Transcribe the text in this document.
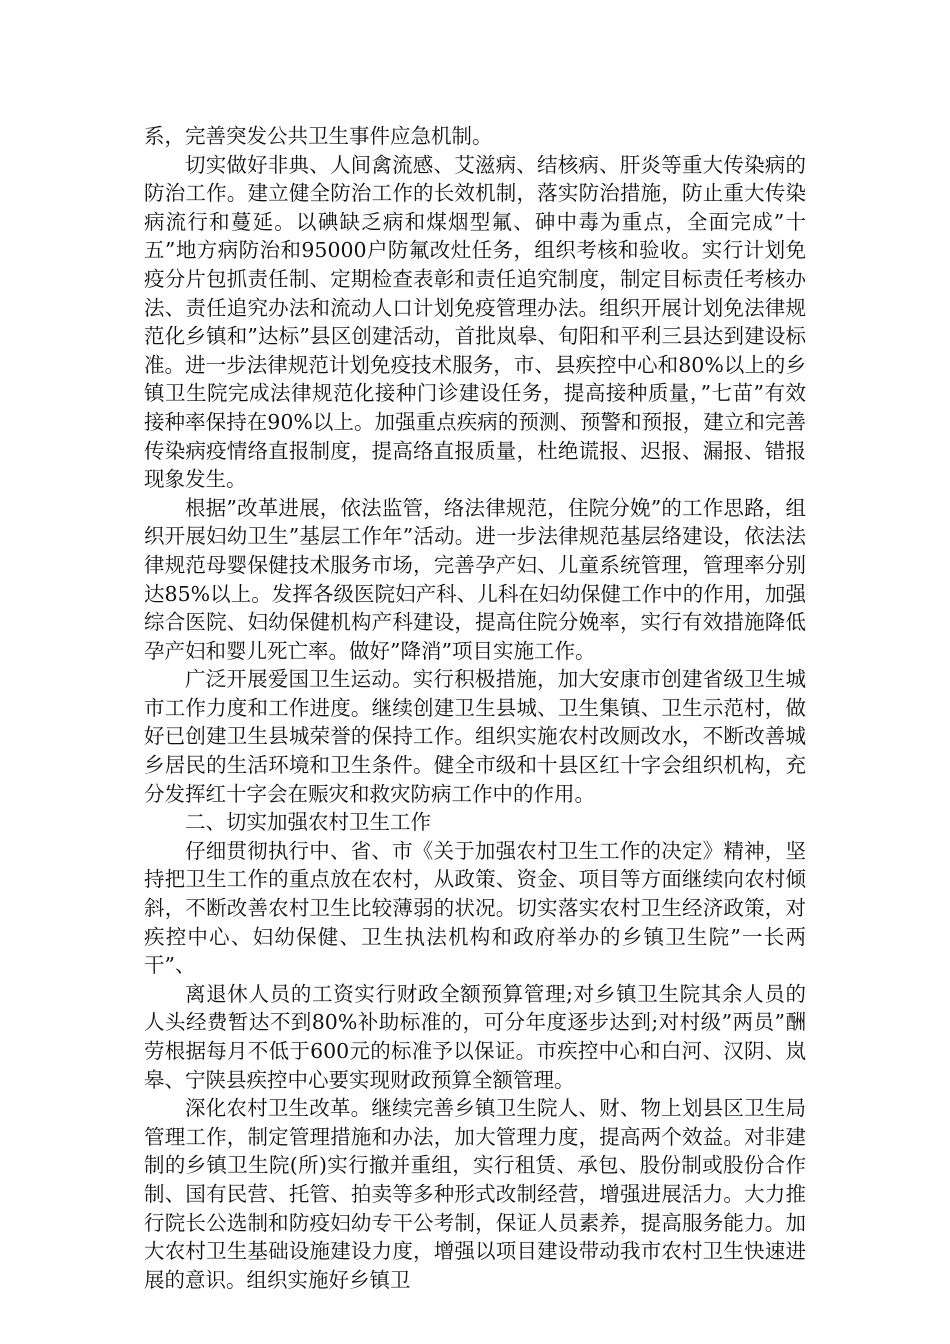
系，完善突发公共卫生事件应急机制。

切实做好非典、人间禽流感、艾滋病、结核病、肝炎等重大传染病的防治工作。建立健全防治工作的长效机制，落实防治措施，防止重大传染病流行和蔓延。以碘缺乏病和煤烟型氟、砷中毒为重点，全面完成”十五”地方病防治和95000户防氟改灶任务，组织考核和验收。实行计划免疫分片包抓责任制、定期检查表彰和责任追究制度，制定目标责任考核办法、责任追究办法和流动人口计划免疫管理办法。组织开展计划免法律规范化乡镇和”达标”县区创建活动，首批岚皋、旬阳和平利三县达到建设标准。进一步法律规范计划免疫技术服务，市、县疾控中心和80%以上的乡镇卫生院完成法律规范化接种门诊建设任务，提高接种质量，”七苗”有效接种率保持在90%以上。加强重点疾病的预测、预警和预报，建立和完善传染病疫情络直报制度，提高络直报质量，杜绝谎报、迟报、漏报、错报现象发生。

根据”改革进展，依法监管，络法律规范，住院分娩”的工作思路，组织开展妇幼卫生”基层工作年”活动。进一步法律规范基层络建设，依法法律规范母婴保健技术服务市场，完善孕产妇、儿童系统管理，管理率分别达85%以上。发挥各级医院妇产科、儿科在妇幼保健工作中的作用，加强综合医院、妇幼保健机构产科建设，提高住院分娩率，实行有效措施降低孕产妇和婴儿死亡率。做好”降消”项目实施工作。

广泛开展爱国卫生运动。实行积极措施，加大安康市创建省级卫生城市工作力度和工作进度。继续创建卫生县城、卫生集镇、卫生示范村，做好已创建卫生县城荣誉的保持工作。组织实施农村改厕改水，不断改善城乡居民的生活环境和卫生条件。健全市级和十县区红十字会组织机构，充分发挥红十字会在赈灾和救灾防病工作中的作用。

二、切实加强农村卫生工作

仔细贯彻执行中、省、市《关于加强农村卫生工作的决定》精神，坚持把卫生工作的重点放在农村，从政策、资金、项目等方面继续向农村倾斜，不断改善农村卫生比较薄弱的状况。切实落实农村卫生经济政策，对疾控中心、妇幼保健、卫生执法机构和政府举办的乡镇卫生院”一长两干”、

离退休人员的工资实行财政全额预算管理;对乡镇卫生院其余人员的人头经费暂达不到80%补助标准的，可分年度逐步达到;对村级”两员”酬劳根据每月不低于600元的标准予以保证。市疾控中心和白河、汉阴、岚皋、宁陕县疾控中心要实现财政预算全额管理。

深化农村卫生改革。继续完善乡镇卫生院人、财、物上划县区卫生局管理工作，制定管理措施和办法，加大管理力度，提高两个效益。对非建制的乡镇卫生院(所)实行撤并重组，实行租赁、承包、股份制或股份合作制、国有民营、托管、拍卖等多种形式改制经营，增强进展活力。大力推行院长公选制和防疫妇幼专干公考制，保证人员素养，提高服务能力。加大农村卫生基础设施建设力度，增强以项目建设带动我市农村卫生快速进展的意识。组织实施好乡镇卫
